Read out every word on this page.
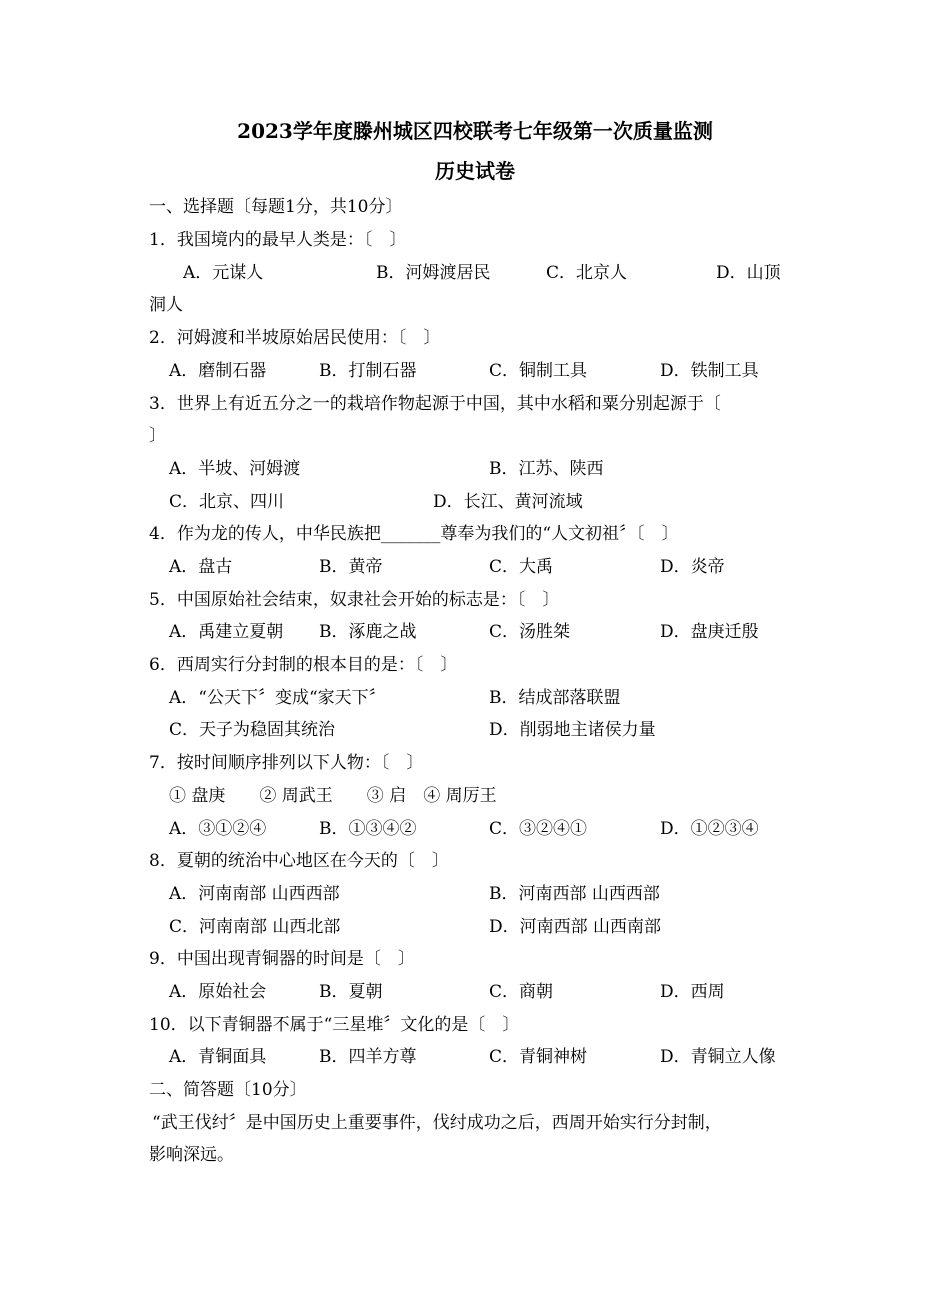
2023学年度滕州城区四校联考七年级第一次质量监测
历史试卷
一、选择题〔每题1分，共10分〕
1．我国境内的最早人类是：〔　〕
A．元谋人	B．河姆渡居民	C．北京人	D．山顶
洞人
2．河姆渡和半坡原始居民使用：〔　〕
A．磨制石器	B．打制石器	C．铜制工具	D．铁制工具
3．世界上有近五分之一的栽培作物起源于中国，其中水稻和粟分别起源于〔
〕
A．半坡、河姆渡	B．江苏、陕西
C．北京、四川	D．长江、黄河流域
4．作为龙的传人，中华民族把_______尊奉为我们的“人文初祖〞〔　〕
A．盘古	B．黄帝	C．大禹	D．炎帝
5．中国原始社会结束，奴隶社会开始的标志是：〔　〕
A．禹建立夏朝 B．涿鹿之战	C．汤胜桀	D．盘庚迁殷
6．西周实行分封制的根本目的是：〔　〕
A．“公天下〞变成“家天下〞	B．结成部落联盟
C．天子为稳固其统治	D．削弱地主诸侯力量
7．按时间顺序排列以下人物：〔　〕
① 盘庚　　② 周武王　　③ 启　④ 周厉王
A．③①②④	B．①③④②	C．③②④①	D．①②③④
8．夏朝的统治中心地区在今天的〔　〕
A．河南南部 山西西部	B．河南西部 山西西部
C．河南南部 山西北部	D．河南西部 山西南部
9．中国出现青铜器的时间是〔　〕
A．原始社会	B．夏朝	C．商朝	D．西周
10．以下青铜器不属于“三星堆〞文化的是〔　〕
A．青铜面具	B．四羊方尊	C．青铜神树	D．青铜立人像
二、简答题〔10分〕
“武王伐纣〞是中国历史上重要事件，伐纣成功之后，西周开始实行分封制，
影响深远。
